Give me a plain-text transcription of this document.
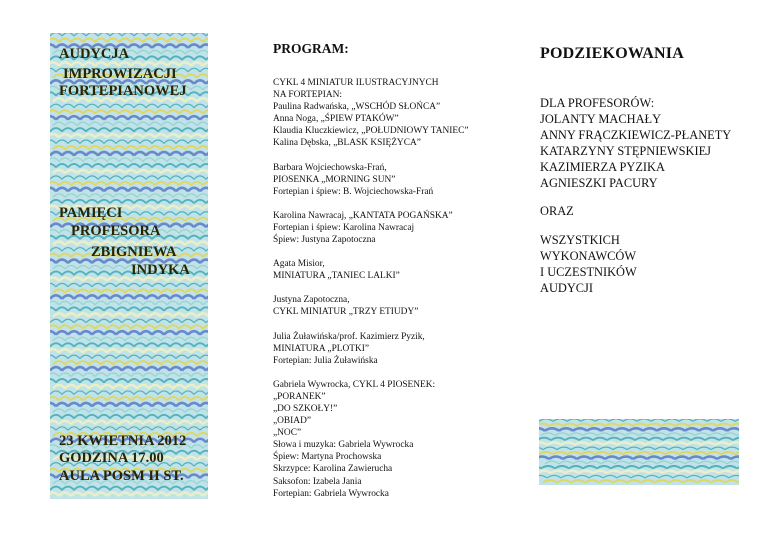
AUDYCJA
IMPROWIZACJI
FORTEPIANOWEJ
PAMIĘCI
PROFESORA
ZBIGNIEWA
INDYKA
23 KWIETNIA 2012
GODZINA 17.00
AULA POSM II ST.
PROGRAM:
CYKL 4 MINIATUR ILUSTRACYJNYCH
NA FORTEPIAN:
Paulina Radwańska, „WSCHÓD SŁOŃCA”
Anna Noga, „ŚPIEW PTAKÓW”
Klaudia Kluczkiewicz, „POŁUDNIOWY TANIEC”
Kalina Dębska, „BLASK KSIĘŻYCA”
Barbara Wojciechowska-Frań,
PIOSENKA „MORNING SUN”
Fortepian i śpiew: B. Wojciechowska-Frań
Karolina Nawracaj, „KANTATA POGAŃSKA”
Fortepian i śpiew: Karolina Nawracaj
Śpiew: Justyna Zapotoczna
Agata Misior,
MINIATURA „TANIEC LALKI”
Justyna Zapotoczna,
CYKL MINIATUR „TRZY ETIUDY”
Julia Żuławińska/prof. Kazimierz Pyzik,
MINIATURA „PLOTKI”
Fortepian: Julia Żuławińska
Gabriela Wywrocka, CYKL 4 PIOSENEK:
„PORANEK”
„DO SZKOŁY!”
„OBIAD”
„NOC”
Słowa i muzyka: Gabriela Wywrocka
Śpiew: Martyna Prochowska
Skrzypce: Karolina Zawierucha
Saksofon: Izabela Jania
Fortepian: Gabriela Wywrocka
PODZIEKOWANIA
DLA PROFESORÓW:
JOLANTY MACHAŁY
ANNY FRĄCZKIEWICZ-PŁANETY
KATARZYNY STĘPNIEWSKIEJ
KAZIMIERZA PYZIKA
AGNIESZKI PACURY
ORAZ
WSZYSTKICH
WYKONAWCÓW
I UCZESTNIKÓW
AUDYCJI
